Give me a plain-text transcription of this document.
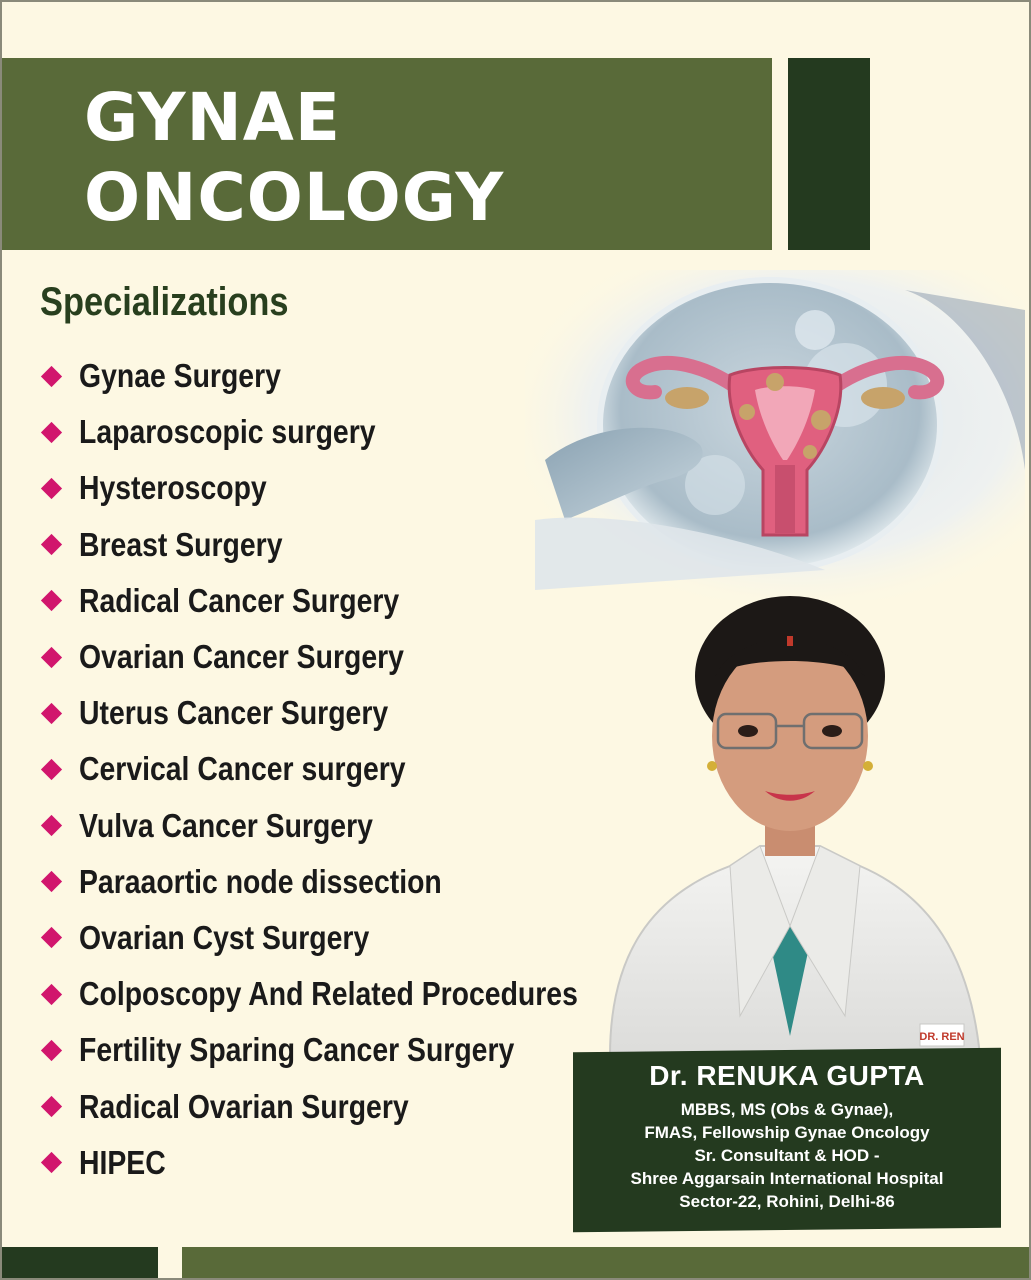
GYNAE
ONCOLOGY
Specializations
Gynae Surgery
Laparoscopic surgery
Hysteroscopy
Breast Surgery
Radical Cancer Surgery
Ovarian Cancer Surgery
Uterus Cancer Surgery
Cervical Cancer surgery
Vulva Cancer Surgery
Paraaortic node dissection
Ovarian Cyst Surgery
Colposcopy And Related Procedures
Fertility Sparing Cancer Surgery
Radical Ovarian Surgery
HIPEC
DR. REN
Dr. RENUKA GUPTA
MBBS, MS (Obs & Gynae),
FMAS, Fellowship Gynae Oncology
Sr. Consultant & HOD -
Shree Aggarsain International Hospital
Sector-22, Rohini, Delhi-86
